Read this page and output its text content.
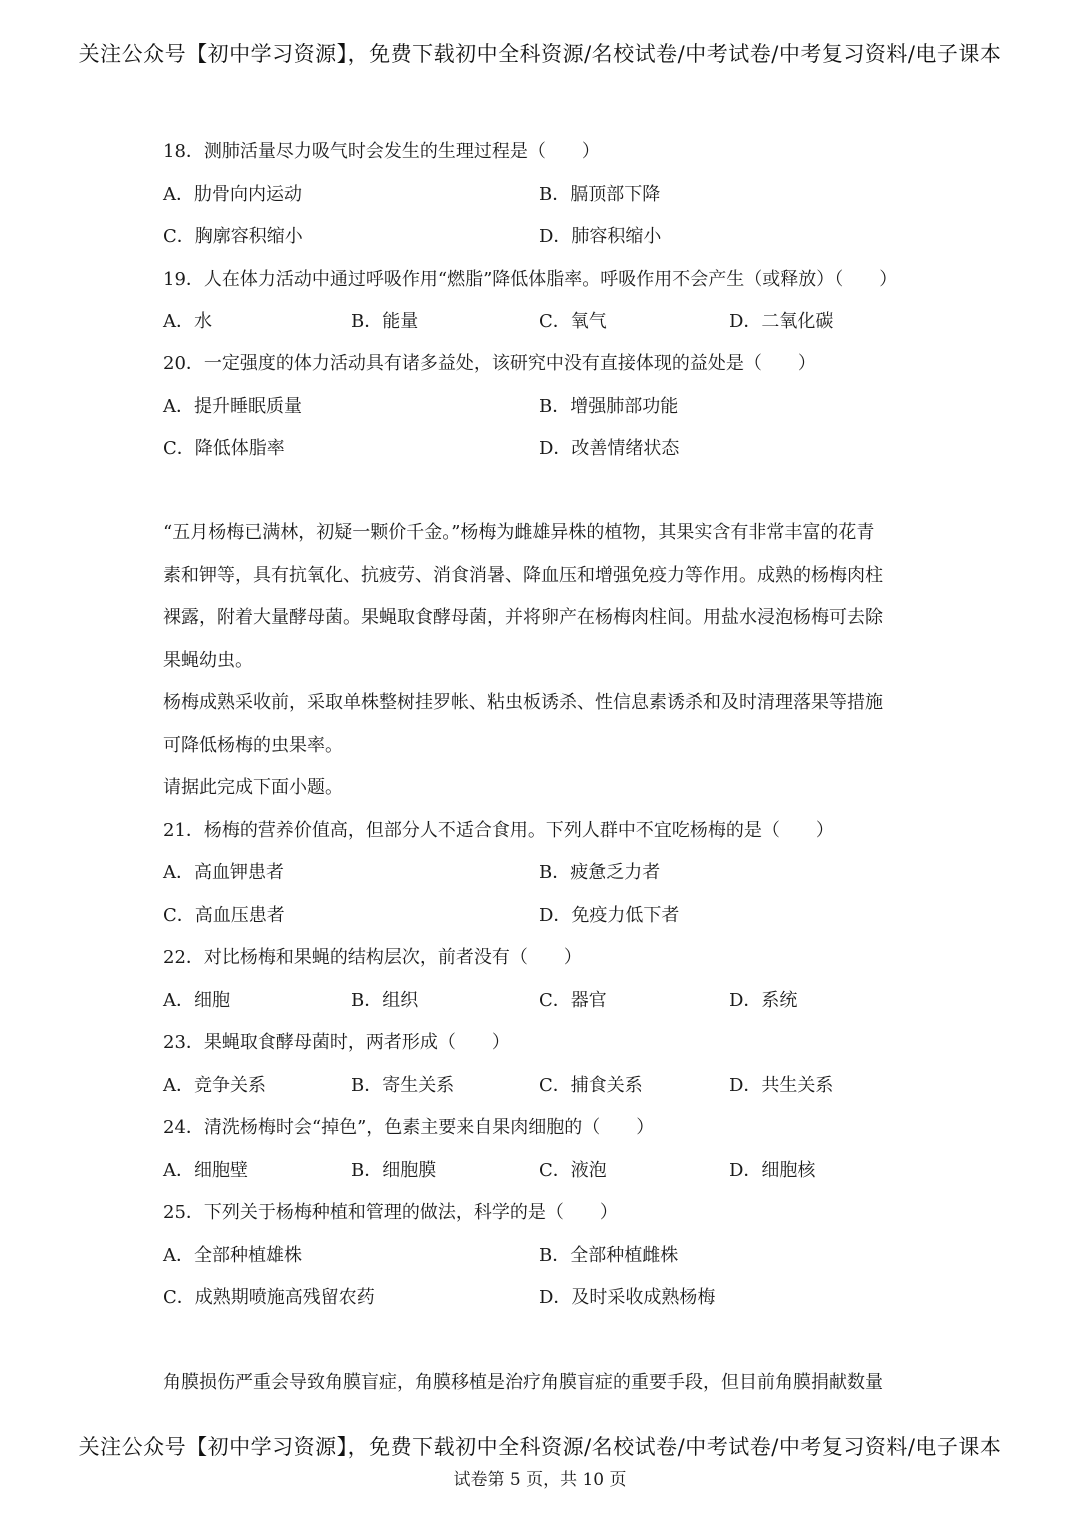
关注公众号【初中学习资源】，免费下载初中全科资源/名校试卷/中考试卷/中考复习资料/电子课本
18．测肺活量尽力吸气时会发生的生理过程是（　　）
A．肋骨向内运动	B．膈顶部下降
C．胸廓容积缩小	D．肺容积缩小
19．人在体力活动中通过呼吸作用“燃脂”降低体脂率。呼吸作用不会产生（或释放）（　　）
A．水	B．能量	C．氧气	D．二氧化碳
20．一定强度的体力活动具有诸多益处，该研究中没有直接体现的益处是（　　）
A．提升睡眠质量	B．增强肺部功能
C．降低体脂率	D．改善情绪状态
“五月杨梅已满林，初疑一颗价千金。”杨梅为雌雄异株的植物，其果实含有非常丰富的花青
素和钾等，具有抗氧化、抗疲劳、消食消暑、降血压和增强免疫力等作用。成熟的杨梅肉柱
裸露，附着大量酵母菌。果蝇取食酵母菌，并将卵产在杨梅肉柱间。用盐水浸泡杨梅可去除
果蝇幼虫。
杨梅成熟采收前，采取单株整树挂罗帐、粘虫板诱杀、性信息素诱杀和及时清理落果等措施
可降低杨梅的虫果率。
请据此完成下面小题。
21．杨梅的营养价值高，但部分人不适合食用。下列人群中不宜吃杨梅的是（　　）
A．高血钾患者	B．疲惫乏力者
C．高血压患者	D．免疫力低下者
22．对比杨梅和果蝇的结构层次，前者没有（　　）
A．细胞	B．组织	C．器官	D．系统
23．果蝇取食酵母菌时，两者形成（　　）
A．竞争关系	B．寄生关系	C．捕食关系	D．共生关系
24．清洗杨梅时会“掉色”，色素主要来自果肉细胞的（　　）
A．细胞壁	B．细胞膜	C．液泡	D．细胞核
25．下列关于杨梅种植和管理的做法，科学的是（　　）
A．全部种植雄株	B．全部种植雌株
C．成熟期喷施高残留农药	D．及时采收成熟杨梅
角膜损伤严重会导致角膜盲症，角膜移植是治疗角膜盲症的重要手段，但目前角膜捐献数量
关注公众号【初中学习资源】，免费下载初中全科资源/名校试卷/中考试卷/中考复习资料/电子课本
试卷第 5 页，共 10 页
